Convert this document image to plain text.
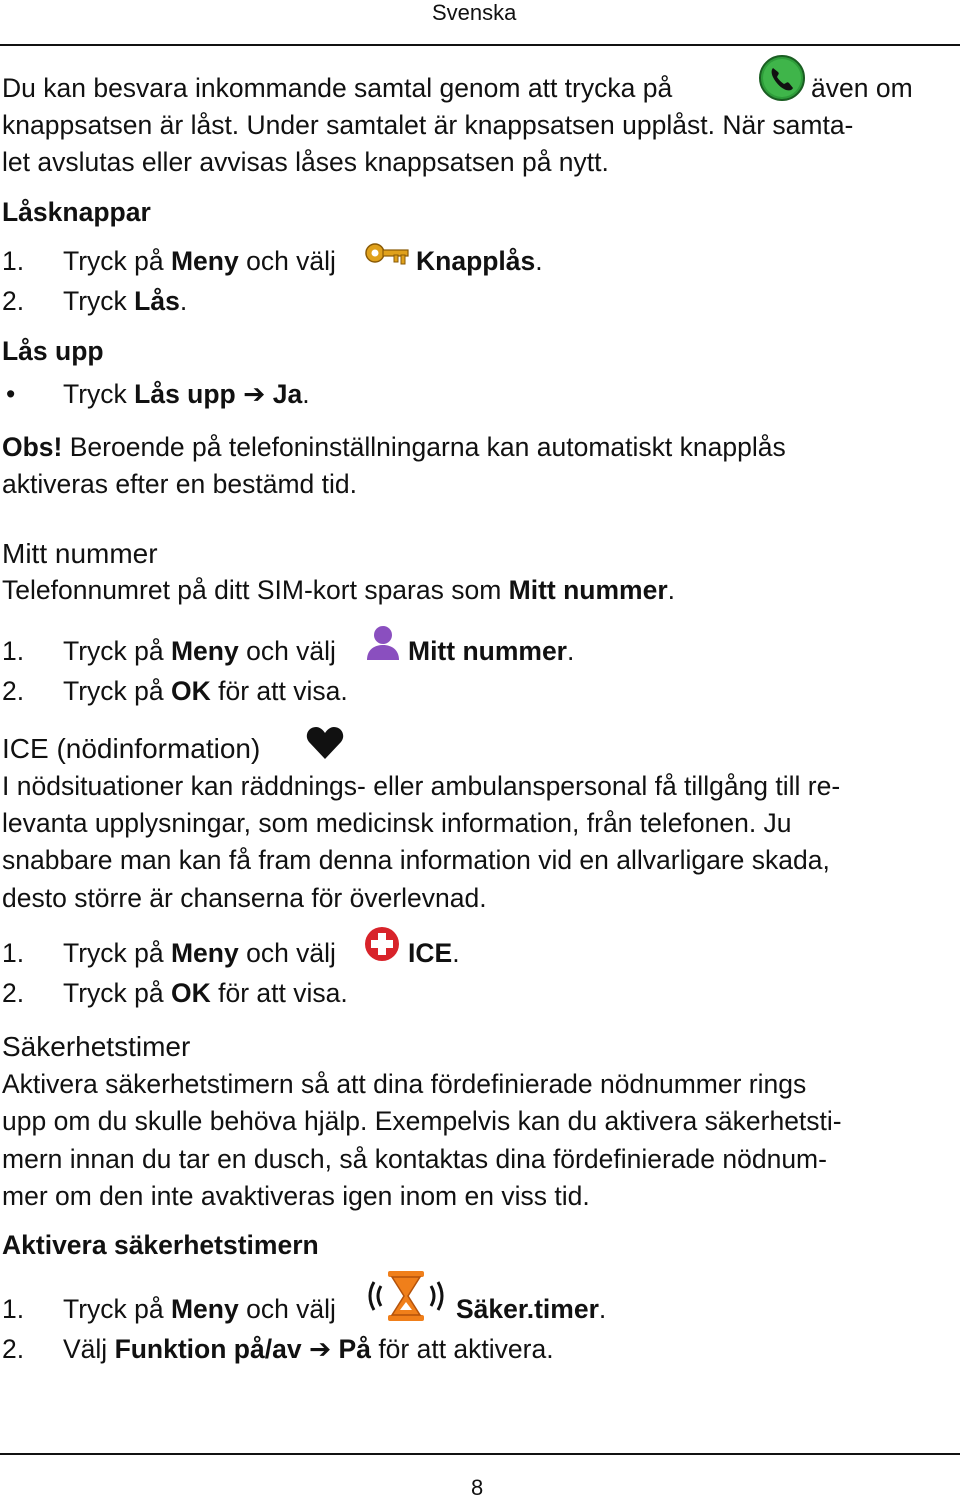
Svenska
Du kan besvara inkommande samtal genom att trycka på	även om
knappsatsen är låst. Under samtalet är knappsatsen upplåst. När samta-
let avslutas eller avvisas låses knappsatsen på nytt.
Låsknappar
1. Tryck på Meny och välj	Knapplås.
2. Tryck Lås.
Lås upp
• Tryck Lås upp ➔ Ja.
Obs! Beroende på telefoninställningarna kan automatiskt knapplås
aktiveras efter en bestämd tid.
Mitt nummer
Telefonnumret på ditt SIM-kort sparas som Mitt nummer.
1. Tryck på Meny och välj	Mitt nummer.
2. Tryck på OK för att visa.
ICE (nödinformation)
I nödsituationer kan räddnings- eller ambulanspersonal få tillgång till re-
levanta upplysningar, som medicinsk information, från telefonen. Ju
snabbare man kan få fram denna information vid en allvarligare skada,
desto större är chanserna för överlevnad.
1. Tryck på Meny och välj	ICE.
2. Tryck på OK för att visa.
Säkerhetstimer
Aktivera säkerhetstimern så att dina fördefinierade nödnummer rings
upp om du skulle behöva hjälp. Exempelvis kan du aktivera säkerhetsti-
mern innan du tar en dusch, så kontaktas dina fördefinierade nödnum-
mer om den inte avaktiveras igen inom en viss tid.
Aktivera säkerhetstimern
1. Tryck på Meny och välj	Säker.timer.
2. Välj Funktion på/av ➔ På för att aktivera.
8
